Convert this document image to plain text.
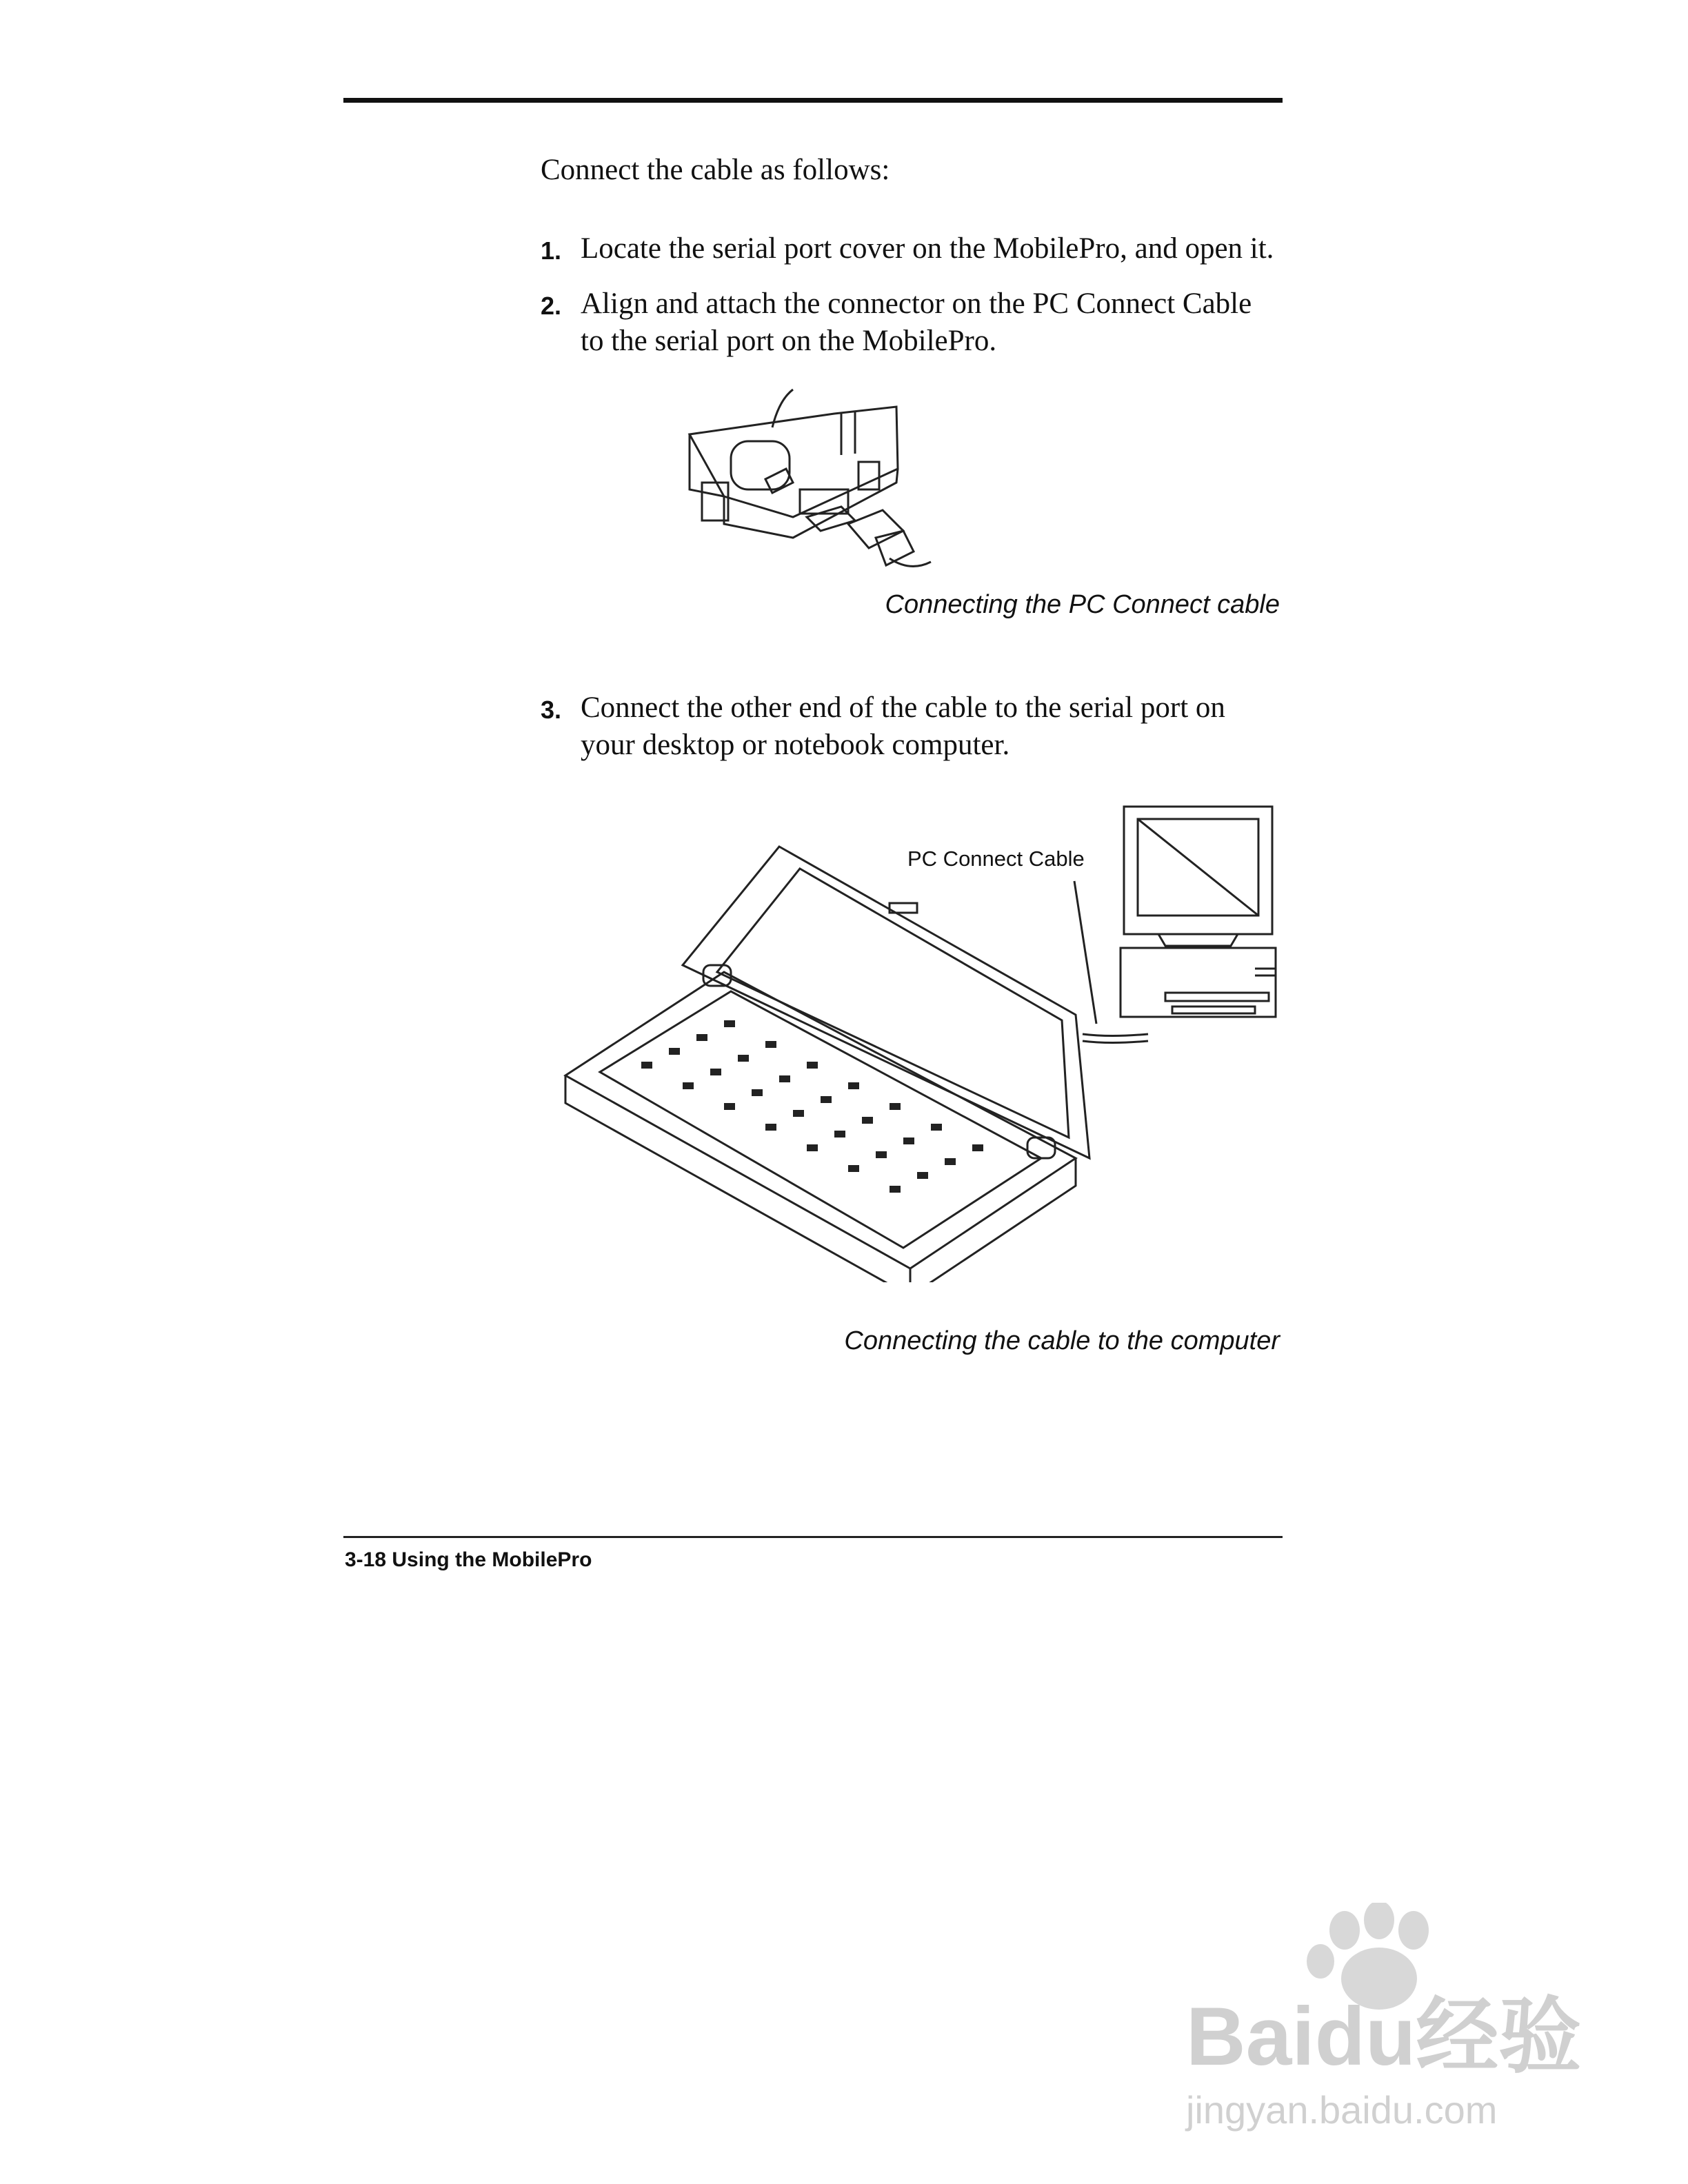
Connect the cable as follows:
1. Locate the serial port cover on the MobilePro, and open it.
2. Align and attach the connector on the PC Connect Cable to the serial port on the MobilePro.
Connecting the PC Connect cable
3. Connect the other end of the cable to the serial port on your desktop or notebook computer.
PC Connect Cable
Connecting the cable to the computer
3-18 Using the MobilePro
Baidu经验
jingyan.baidu.com
